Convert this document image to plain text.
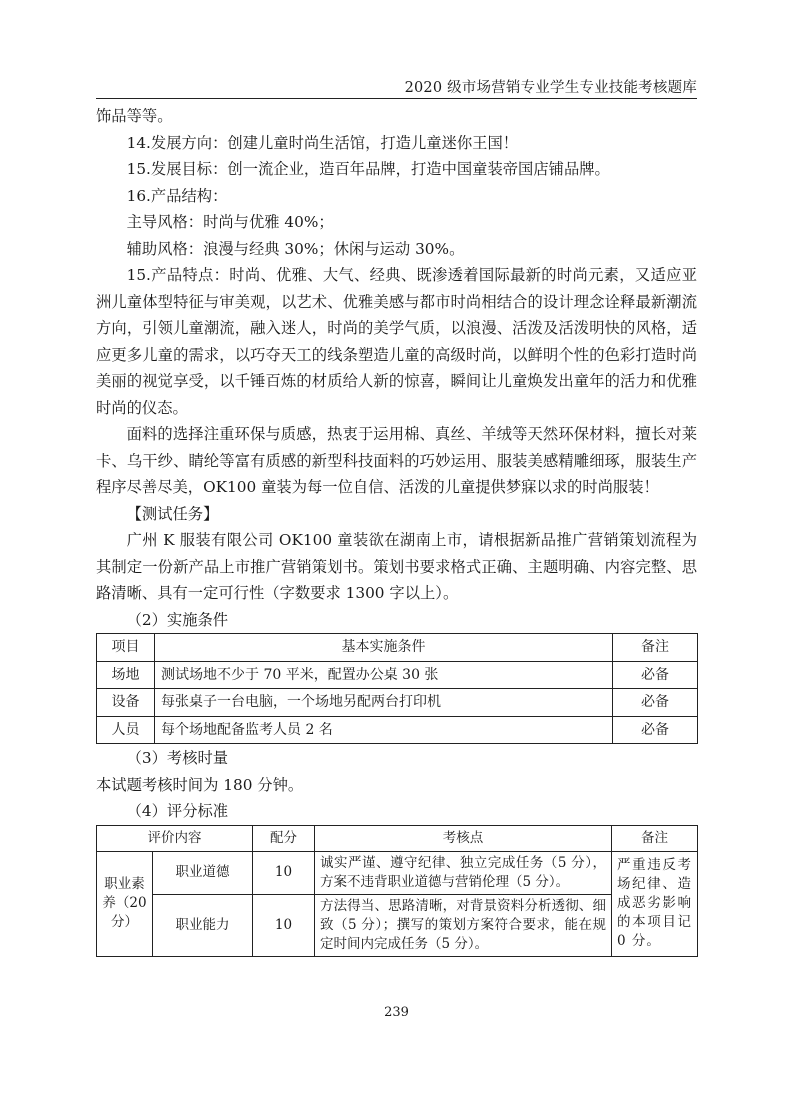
2020 级市场营销专业学生专业技能考核题库

饰品等等。

14.发展方向：创建儿童时尚生活馆，打造儿童迷你王国！

15.发展目标：创一流企业，造百年品牌，打造中国童装帝国店铺品牌。

16.产品结构：

主导风格：时尚与优雅 40%；

辅助风格：浪漫与经典 30%；休闲与运动 30%。

15.产品特点：时尚、优雅、大气、经典、既渗透着国际最新的时尚元素，又适应亚洲儿童体型特征与审美观，以艺术、优雅美感与都市时尚相结合的设计理念诠释最新潮流方向，引领儿童潮流，融入迷人，时尚的美学气质，以浪漫、活泼及活泼明快的风格，适应更多儿童的需求，以巧夺天工的线条塑造儿童的高级时尚，以鲜明个性的色彩打造时尚美丽的视觉享受，以千锤百炼的材质给人新的惊喜，瞬间让儿童焕发出童年的活力和优雅时尚的仪态。

面料的选择注重环保与质感，热衷于运用棉、真丝、羊绒等天然环保材料，擅长对莱卡、乌干纱、睛纶等富有质感的新型科技面料的巧妙运用、服装美感精雕细琢，服装生产程序尽善尽美，OK100 童装为每一位自信、活泼的儿童提供梦寐以求的时尚服装！

【测试任务】

广州 K 服装有限公司 OK100 童装欲在湖南上市，请根据新品推广营销策划流程为其制定一份新产品上市推广营销策划书。策划书要求格式正确、主题明确、内容完整、思路清晰、具有一定可行性（字数要求 1300 字以上）。

（2）实施条件

项目	基本实施条件	备注
场地	测试场地不少于 70 平米，配置办公桌 30 张	必备
设备	每张桌子一台电脑，一个场地另配两台打印机	必备
人员	每个场地配备监考人员 2 名	必备

（3）考核时量

本试题考核时间为 180 分钟。

（4）评分标准

评价内容		配分	考核点	备注
职业素养（20分）	职业道德	10	诚实严谨、遵守纪律、独立完成任务（5 分），方案不违背职业道德与营销伦理（5 分）。	严重违反考场纪律、造成恶劣影响的本项目记 0 分。
	职业能力	10	方法得当、思路清晰，对背景资料分析透彻、细致（5 分）；撰写的策划方案符合要求，能在规定时间内完成任务（5 分）。	
239
